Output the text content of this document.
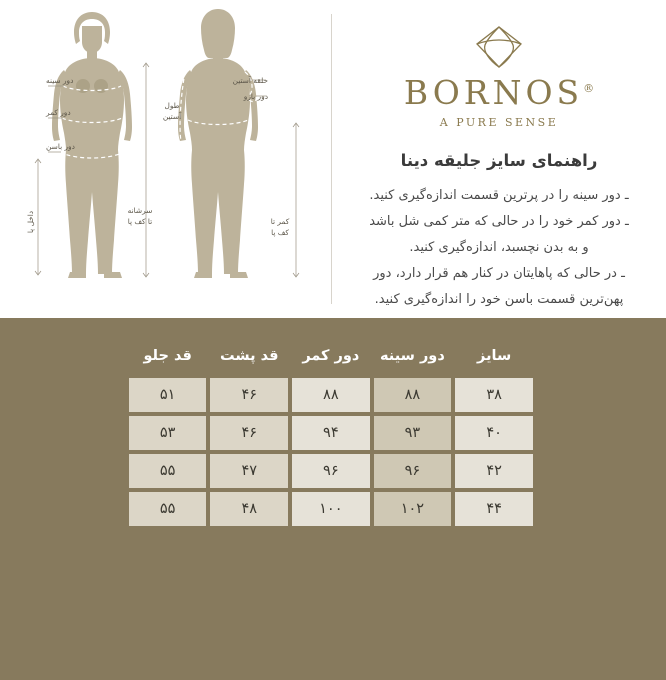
داخل پا
دور سینه
دور کمر
دور باسن
سرشانه
تا کف پا
حلقه آستین
دور بازو
طول
آستین
کمر تا
کف پا
BORNOS®
A PURE SENSE
راهنمای سایز جلیقه دینا
ـ دور سینه را در پرترین قسمت اندازه‌گیری کنید.
ـ دور کمر خود را در حالی که متر کمی شل باشد
و به بدن نچسبد، اندازه‌گیری کنید.
ـ در حالی که پاهایتان در کنار هم قرار دارد، دور
پهن‌ترین قسمت باسن خود را اندازه‌گیری کنید.
سایز	دور سینه	دور کمر	قد پشت	قد جلو
۳۸	۸۸	۸۸	۴۶	۵۱
۴۰	۹۳	۹۴	۴۶	۵۳
۴۲	۹۶	۹۶	۴۷	۵۵
۴۴	۱۰۲	۱۰۰	۴۸	۵۵
